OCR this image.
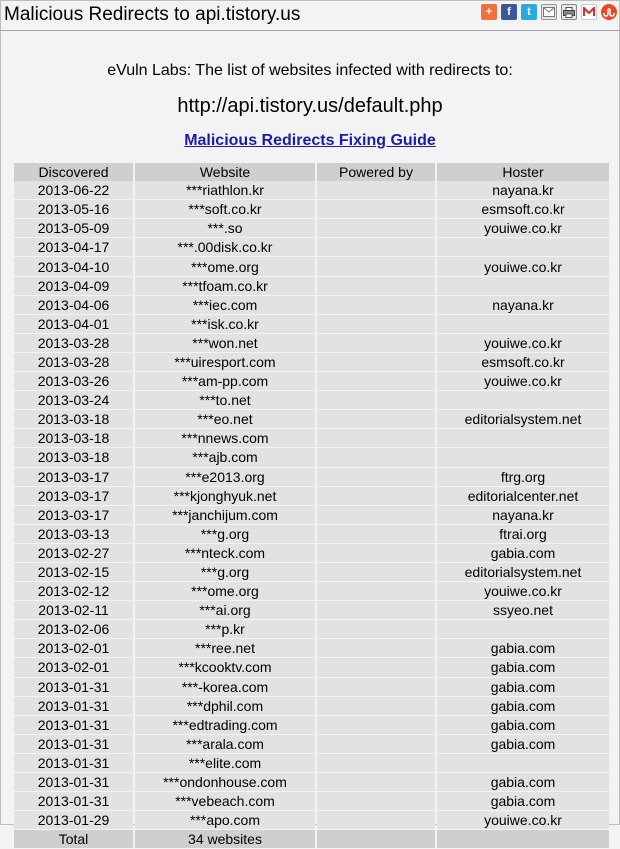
Malicious Redirects to api.tistory.us	+	f	t
eVuln Labs: The list of websites infected with redirects to:
http://api.tistory.us/default.php
Malicious Redirects Fixing Guide
Discovered	Website	Powered by	Hoster
2013-06-22	***riathlon.kr		nayana.kr
2013-05-16	***soft.co.kr		esmsoft.co.kr
2013-05-09	***.so		youiwe.co.kr
2013-04-17	***.00disk.co.kr		
2013-04-10	***ome.org		youiwe.co.kr
2013-04-09	***tfoam.co.kr		
2013-04-06	***iec.com		nayana.kr
2013-04-01	***isk.co.kr		
2013-03-28	***won.net		youiwe.co.kr
2013-03-28	***uiresport.com		esmsoft.co.kr
2013-03-26	***am-pp.com		youiwe.co.kr
2013-03-24	***to.net		
2013-03-18	***eo.net		editorialsystem.net
2013-03-18	***nnews.com		
2013-03-18	***ajb.com		
2013-03-17	***e2013.org		ftrg.org
2013-03-17	***kjonghyuk.net		editorialcenter.net
2013-03-17	***janchijum.com		nayana.kr
2013-03-13	***g.org		ftrai.org
2013-02-27	***nteck.com		gabia.com
2013-02-15	***g.org		editorialsystem.net
2013-02-12	***ome.org		youiwe.co.kr
2013-02-11	***ai.org		ssyeo.net
2013-02-06	***p.kr		
2013-02-01	***ree.net		gabia.com
2013-02-01	***kcooktv.com		gabia.com
2013-01-31	***-korea.com		gabia.com
2013-01-31	***dphil.com		gabia.com
2013-01-31	***edtrading.com		gabia.com
2013-01-31	***arala.com		gabia.com
2013-01-31	***elite.com		
2013-01-31	***ondonhouse.com		gabia.com
2013-01-31	***vebeach.com		gabia.com
2013-01-29	***apo.com		youiwe.co.kr
Total	34 websites		
